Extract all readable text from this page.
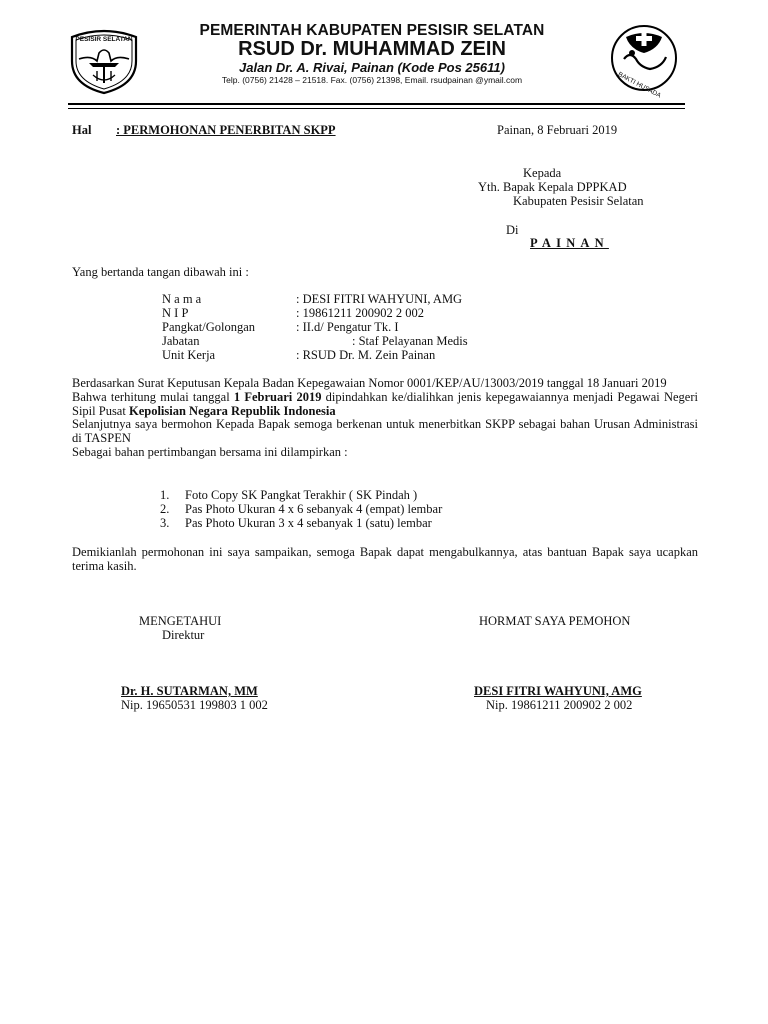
PESISIR SELATAN
BAKTI HUSADA
PEMERINTAH KABUPATEN PESISIR SELATAN
RSUD Dr. MUHAMMAD ZEIN
Jalan Dr. A. Rivai, Painan (Kode Pos 25611)
Telp. (0756) 21428 – 21518. Fax. (0756) 21398, Email. rsudpainan @ymail.com
Hal : PERMOHONAN PENERBITAN SKPP	Painan, 8 Februari 2019
Kepada
Yth. Bapak Kepala DPPKAD
Kabupaten Pesisir Selatan
Di
PAINAN
Yang bertanda tangan dibawah ini :
N a m a	: DESI FITRI WAHYUNI, AMG
N I P	: 19861211 200902 2 002
Pangkat/Golongan	: II.d/ Pengatur Tk. I
Jabatan	: Staf Pelayanan Medis
Unit Kerja	: RSUD Dr. M. Zein Painan

Berdasarkan Surat Keputusan Kepala Badan Kepegawaian Nomor 0001/KEP/AU/13003/2019 tanggal 18 Januari 2019

Bahwa terhitung mulai tanggal 1 Februari 2019 dipindahkan ke/dialihkan jenis kepegawaiannya menjadi Pegawai Negeri Sipil Pusat Kepolisian Negara Republik Indonesia

Selanjutnya saya bermohon Kepada Bapak semoga berkenan untuk menerbitkan SKPP sebagai bahan Urusan Administrasi di TASPEN

Sebagai bahan pertimbangan bersama ini dilampirkan :

1. Foto Copy SK Pangkat Terakhir ( SK Pindah )
2. Pas Photo Ukuran 4 x 6 sebanyak 4 (empat) lembar
3. Pas Photo Ukuran 3 x 4 sebanyak 1 (satu) lembar
Demikianlah permohonan ini saya sampaikan, semoga Bapak dapat mengabulkannya, atas bantuan Bapak saya ucapkan terima kasih.
MENGETAHUI
Direktur
HORMAT SAYA PEMOHON
Dr. H. SUTARMAN, MM
Nip. 19650531 199803 1 002
DESI FITRI WAHYUNI, AMG
Nip. 19861211 200902 2 002
